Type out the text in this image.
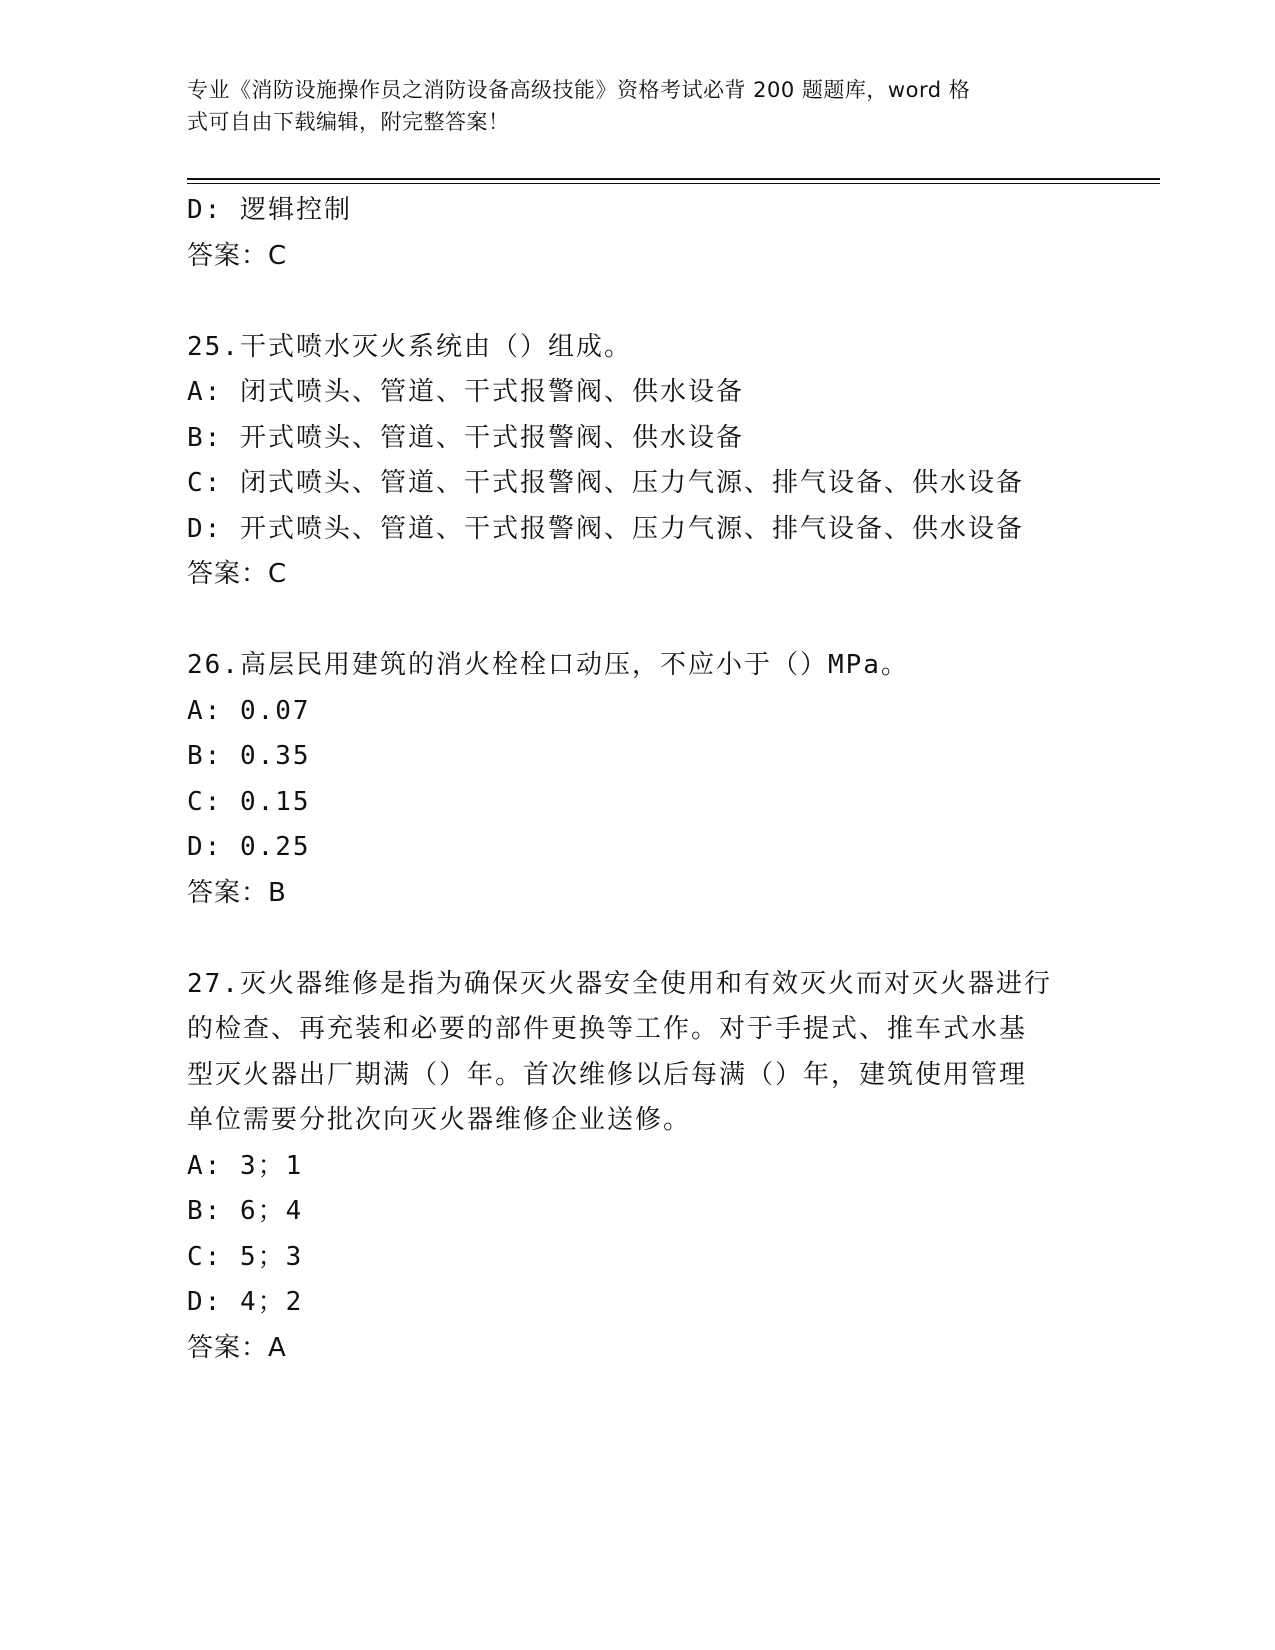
专业《消防设施操作员之消防设备高级技能》资格考试必背 200 题题库，word 格
式可自由下载编辑，附完整答案！
D: 逻辑控制
答案：C
25.干式喷水灭火系统由（）组成。
A: 闭式喷头、管道、干式报警阀、供水设备
B: 开式喷头、管道、干式报警阀、供水设备
C: 闭式喷头、管道、干式报警阀、压力气源、排气设备、供水设备
D: 开式喷头、管道、干式报警阀、压力气源、排气设备、供水设备
答案：C
26.高层民用建筑的消火栓栓口动压，不应小于（）MPa。
A: 0.07
B: 0.35
C: 0.15
D: 0.25
答案：B
27.灭火器维修是指为确保灭火器安全使用和有效灭火而对灭火器进行
的检查、再充装和必要的部件更换等工作。对于手提式、推车式水基
型灭火器出厂期满（）年。首次维修以后每满（）年，建筑使用管理
单位需要分批次向灭火器维修企业送修。
A: 3；1
B: 6；4
C: 5；3
D: 4；2
答案：A
